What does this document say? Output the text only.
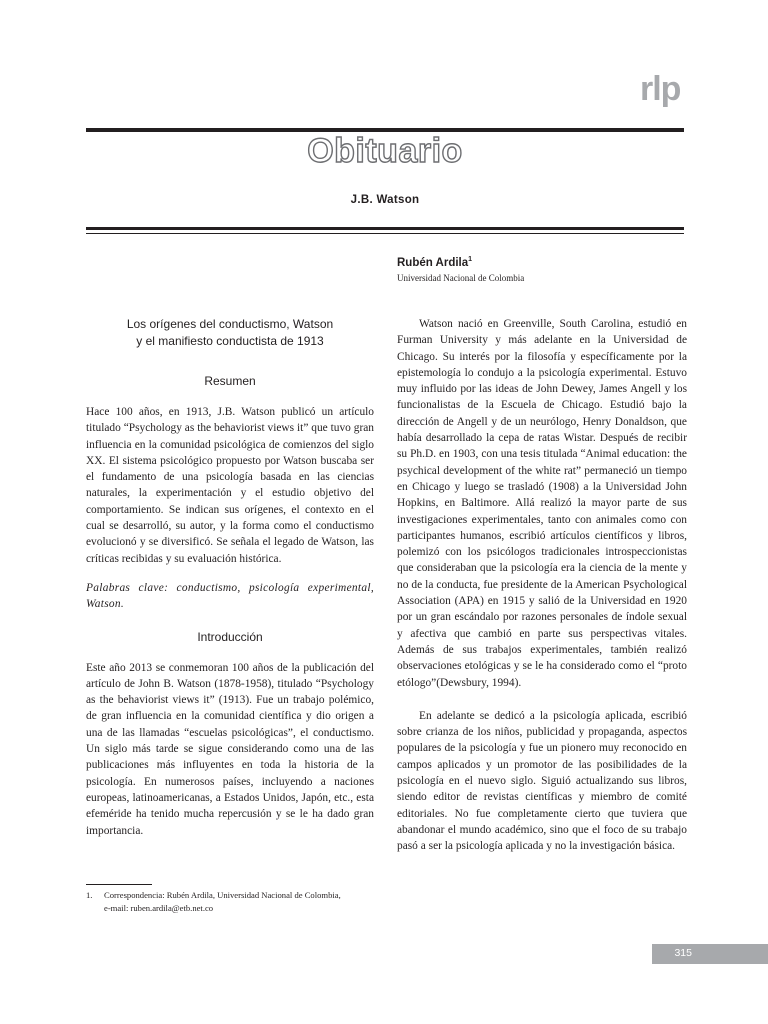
rlp
Obituario
J.B. Watson
Rubén Ardila$^1$
Universidad Nacional de Colombia

Los orígenes del conductismo, Watson

y el manifiesto conductista de 1913

Resumen

Hace 100 años, en 1913, J.B. Watson publicó un artículo titulado “Psychology as the behaviorist views it” que tuvo gran influencia en la comunidad psicológica de comienzos del siglo XX. El sistema psicológico propuesto por Watson buscaba ser el fundamento de una psicología basada en las ciencias naturales, la experimentación y el estudio objetivo del comportamiento. Se indican sus orígenes, el contexto en el cual se desarrolló, su autor, y la forma como el conductismo evolucionó y se diversificó. Se señala el legado de Watson, las críticas recibidas y su evaluación histórica.

Palabras clave: conductismo, psicología experimental, Watson.

Introducción

Este año 2013 se conmemoran 100 años de la publicación del artículo de John B. Watson (1878-1958), titulado “Psychology as the behaviorist views it” (1913). Fue un trabajo polémico, de gran influencia en la comunidad científica y dio origen a una de las llamadas “escuelas psicológicas”, el conductismo. Un siglo más tarde se sigue considerando como una de las publicaciones más influyentes en toda la historia de la psicología. En numerosos países, incluyendo a naciones europeas, latinoamericanas, a Estados Unidos, Japón, etc., esta efeméride ha tenido mucha repercusión y se le ha dado gran importancia.

Watson nació en Greenville, South Carolina, estudió en Furman University y más adelante en la Universidad de Chicago. Su interés por la filosofía y específicamente por la epistemología lo condujo a la psicología experimental. Estuvo muy influido por las ideas de John Dewey, James Angell y los funcionalistas de la Escuela de Chicago. Estudió bajo la dirección de Angell y de un neurólogo, Henry Donaldson, que había desarrollado la cepa de ratas Wistar. Después de recibir su Ph.D. en 1903, con una tesis titulada “Animal education: the psychical development of the white rat” permaneció un tiempo en Chicago y luego se trasladó (1908) a la Universidad John Hopkins, en Baltimore. Allá realizó la mayor parte de sus investigaciones experimentales, tanto con animales como con participantes humanos, escribió artículos científicos y libros, polemizó con los psicólogos tradicionales introspeccionistas que consideraban que la psicología era la ciencia de la mente y no de la conducta, fue presidente de la American Psychological Association (APA) en 1915 y salió de la Universidad en 1920 por un gran escándalo por razones personales de índole sexual y afectiva que cambió en parte sus perspectivas vitales. Además de sus trabajos experimentales, también realizó observaciones etológicas y se le ha considerado como el “proto etólogo”(Dewsbury, 1994).

En adelante se dedicó a la psicología aplicada, escribió sobre crianza de los niños, publicidad y propaganda, aspectos populares de la psicología y fue un pionero muy reconocido en campos aplicados y un promotor de las posibilidades de la psicología en el nuevo siglo. Siguió actualizando sus libros, siendo editor de revistas científicas y miembro de comité editoriales. No fue completamente cierto que tuviera que abandonar el mundo académico, sino que el foco de su trabajo pasó a ser la psicología aplicada y no la investigación básica.

1. Correspondencia: Rubén Ardila, Universidad Nacional de Colombia,
e-mail: ruben.ardila@etb.net.co
315
